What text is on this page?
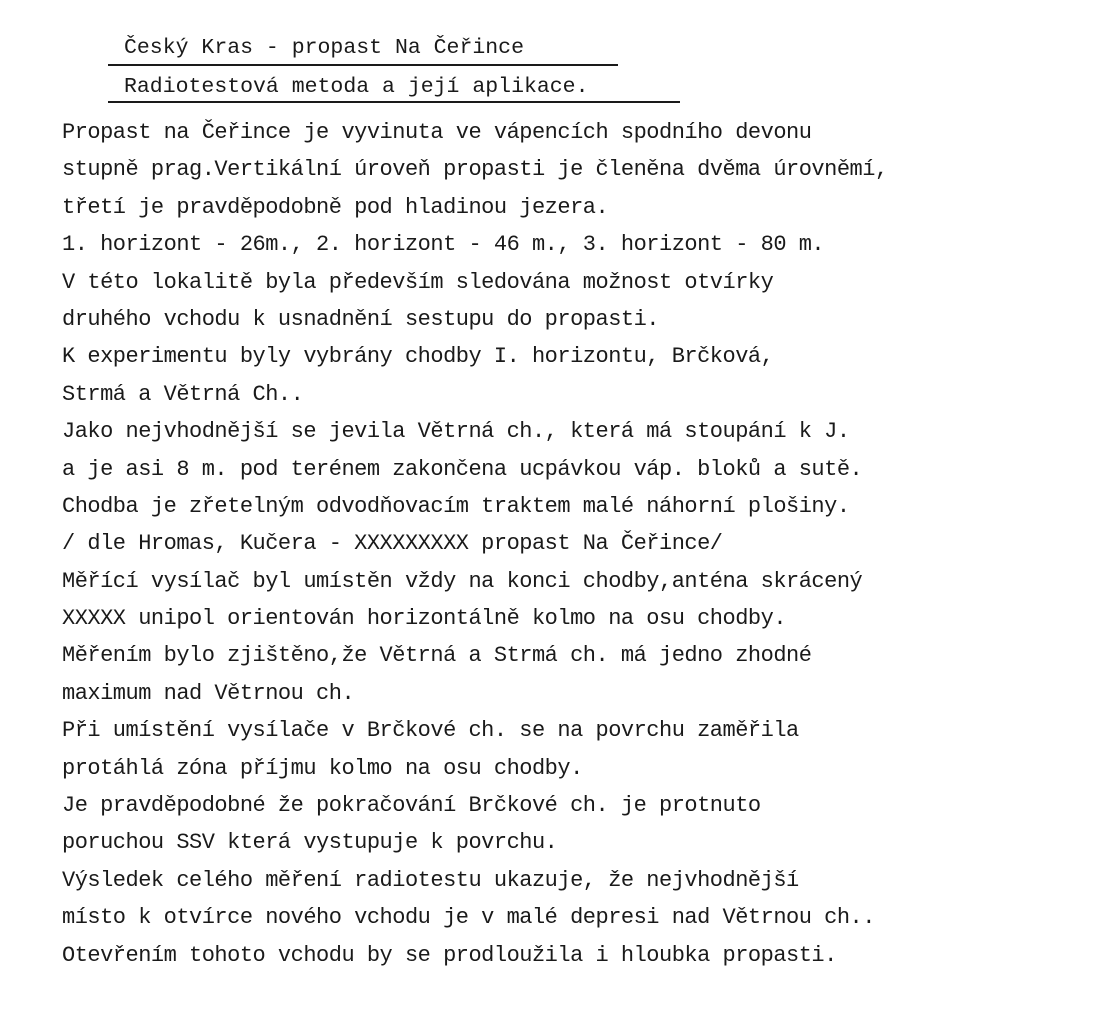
Český Kras - propast Na Čeřince
Radiotestová metoda a její aplikace.
Propast na Čeřince je vyvinuta ve vápencích spodního devonu
stupně prag.Vertikální úroveň propasti je členěna dvěma úrovněmí,
třetí je pravděpodobně pod hladinou jezera.
1. horizont - 26m., 2. horizont - 46 m., 3. horizont - 80 m.
V této lokalitě byla především sledována možnost otvírky
druhého vchodu k usnadnění sestupu do propasti.
K experimentu byly vybrány chodby I. horizontu, Brčková,
Strmá a Větrná Ch..
Jako nejvhodnější se jevila Větrná ch., která má stoupání k J.
a je asi 8 m. pod terénem zakončena ucpávkou váp. bloků a sutě.
Chodba je zřetelným odvodňovacím traktem malé náhorní plošiny.
/ dle Hromas, Kučera - XXXXXXXXX propast Na Čeřince/
Měřící vysílač byl umístěn vždy na konci chodby,anténa skrácený
XXXXX unipol orientován horizontálně kolmo na osu chodby.
Měřením bylo zjištěno,že Větrná a Strmá ch. má jedno zhodné
maximum nad Větrnou ch.
Při umístění vysílače v Brčkové ch. se na povrchu zaměřila
protáhlá zóna příjmu kolmo na osu chodby.
Je pravděpodobné že pokračování Brčkové ch. je protnuto
poruchou SSV která vystupuje k povrchu.
Výsledek celého měření radiotestu ukazuje, že nejvhodnější
místo k otvírce nového vchodu je v malé depresi nad Větrnou ch..
Otevřením tohoto vchodu by se prodloužila i hloubka propasti.
